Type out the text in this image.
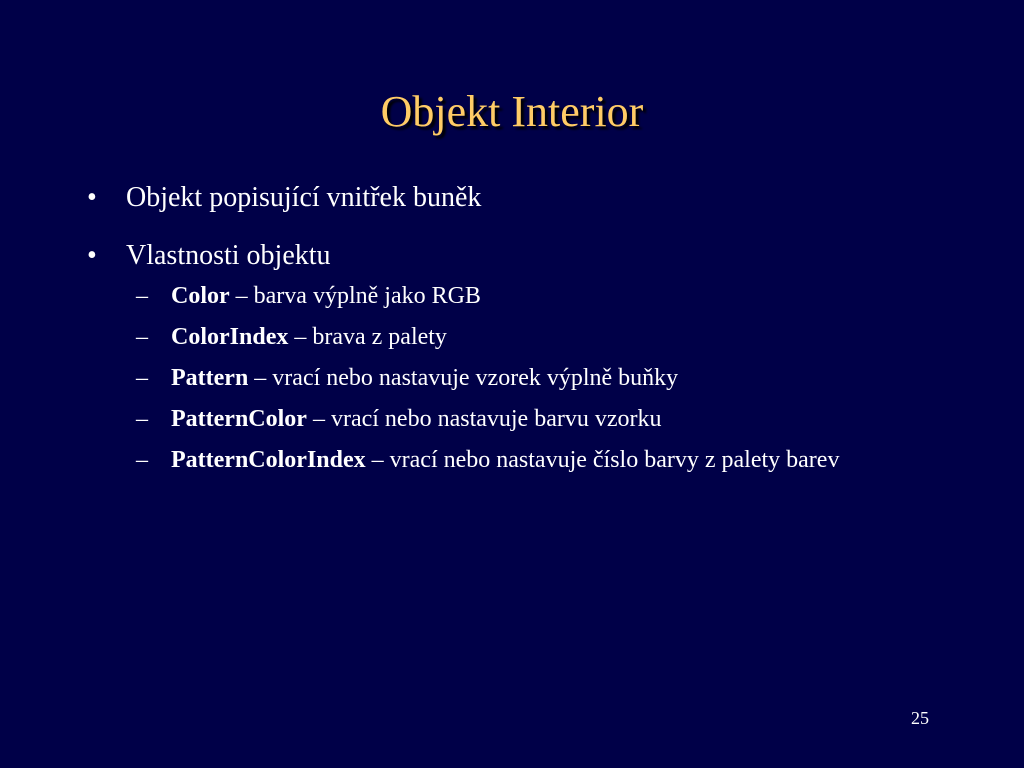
Objekt Interior
• Objekt popisující vnitřek buněk
• Vlastnosti objektu
– Color – barva výplně jako RGB
– ColorIndex – brava z palety
– Pattern – vrací nebo nastavuje vzorek výplně buňky
– PatternColor – vrací nebo nastavuje barvu vzorku
– PatternColorIndex – vrací nebo nastavuje číslo barvy z palety barev
25
